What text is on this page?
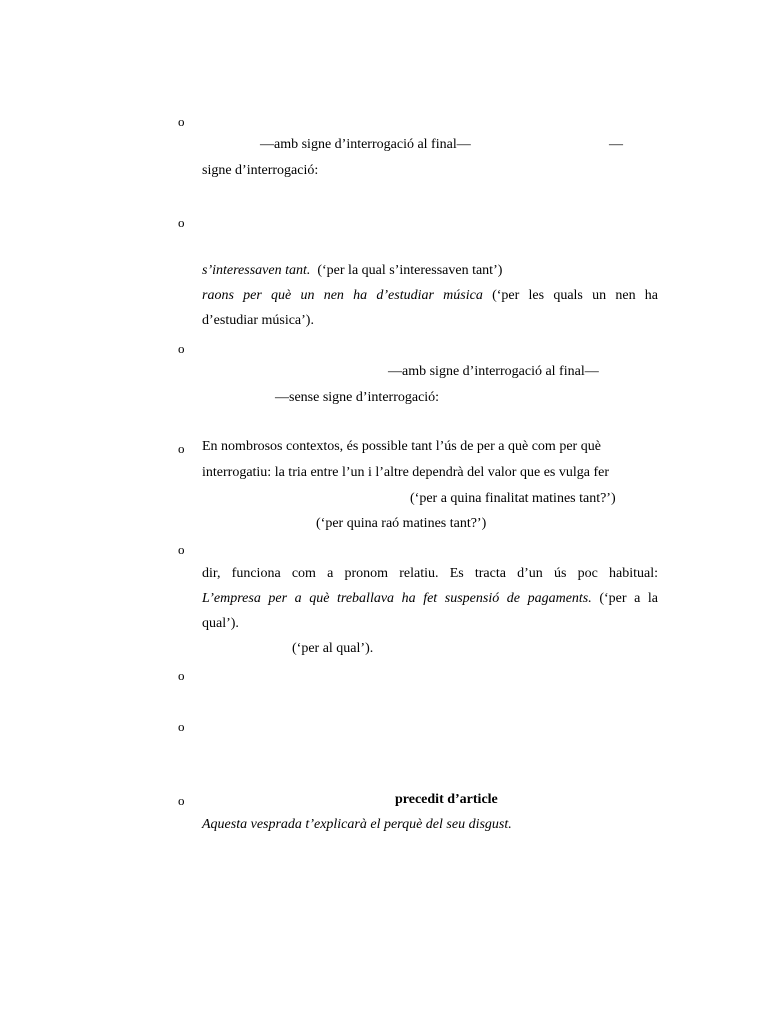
o
o
o
o
o
o
o
o
—amb signe d’interrogació al final—	—
signe d’interrogació:
s’interessaven tant. (‘per la qual s’interessaven tant’)
raons per què un nen ha d’estudiar música (‘per les quals un nen ha
d’estudiar música’).
—amb signe d’interrogació al final—
—sense signe d’interrogació:
En nombrosos contextos, és possible tant l’ús de per a què com per què
interrogatiu: la tria entre l’un i l’altre dependrà del valor que es vulga fer
(‘per a quina finalitat matines tant?’)
(‘per quina raó matines tant?’)
dir, funciona com a pronom relatiu. Es tracta d’un ús poc habitual:
L’empresa per a què treballava ha fet suspensió de pagaments. (‘per a la
qual’).
(‘per al qual’).
precedit d’article
Aquesta vesprada t’explicarà el perquè del seu disgust.
